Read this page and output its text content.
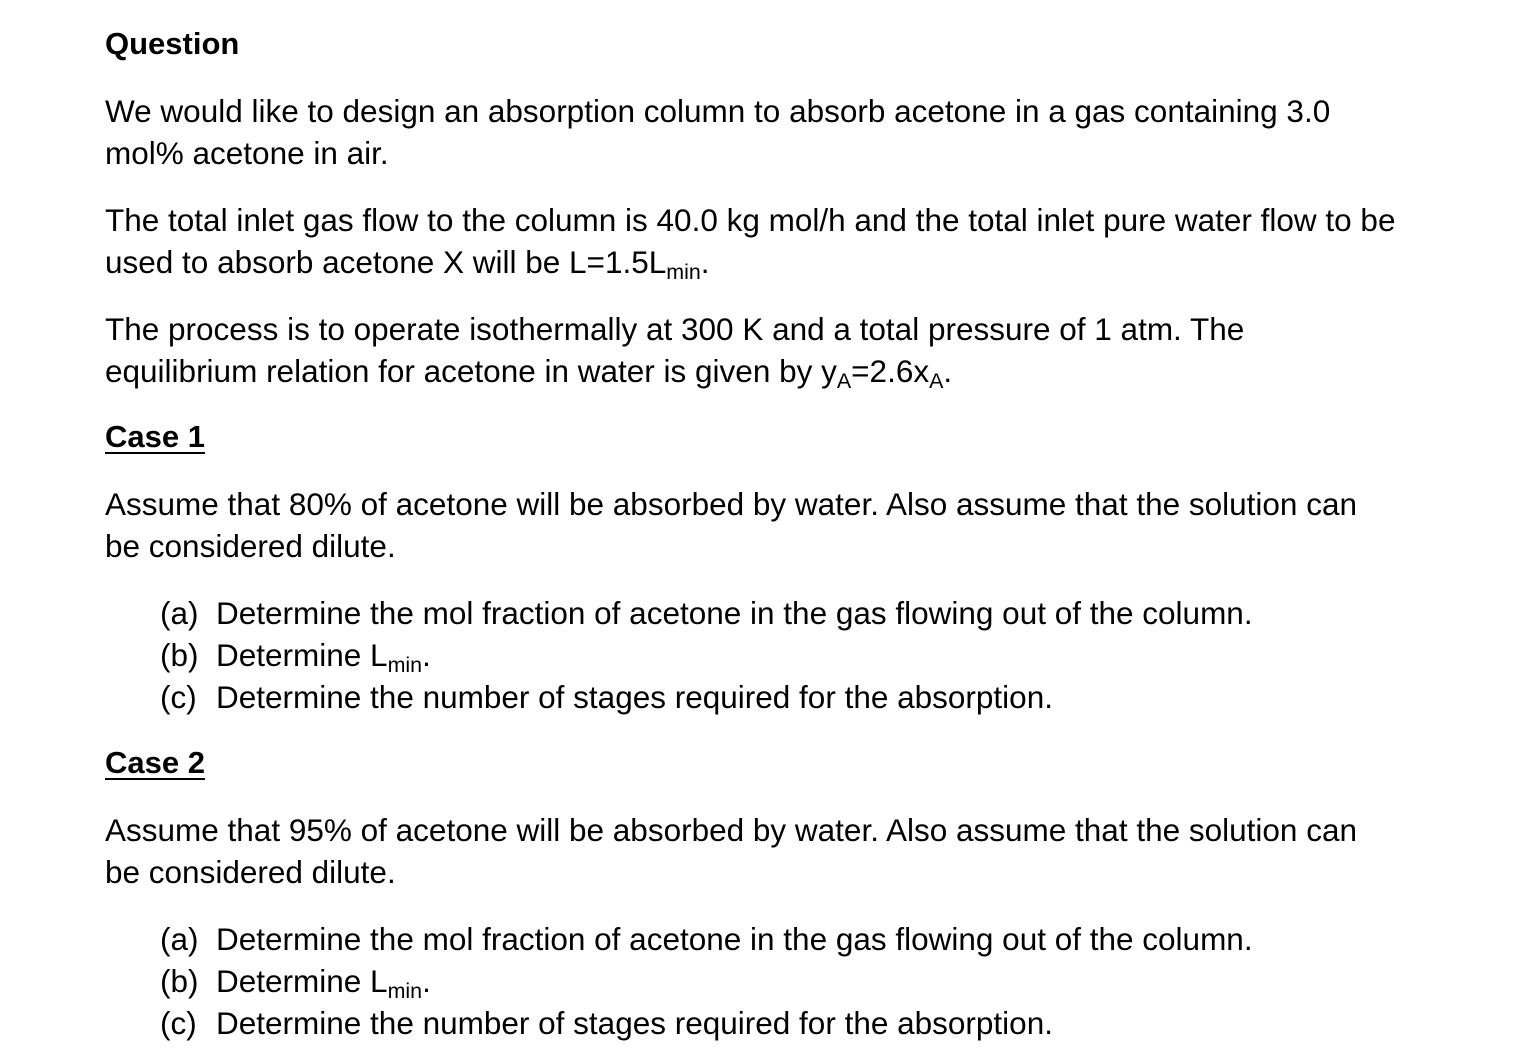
Question
We would like to design an absorption column to absorb acetone in a gas containing 3.0
mol% acetone in air.
The total inlet gas flow to the column is 40.0 kg mol/h and the total inlet pure water flow to be
used to absorb acetone X will be $L=1.5L_{min}$.
The process is to operate isothermally at 300 K and a total pressure of 1 atm. The
equilibrium relation for acetone in water is given by $y_A=2.6x_A$.
Case 1
Assume that 80% of acetone will be absorbed by water. Also assume that the solution can
be considered dilute.
(a) Determine the mol fraction of acetone in the gas flowing out of the column.
(b) Determine $L_{min}$.
(c) Determine the number of stages required for the absorption.
Case 2
Assume that 95% of acetone will be absorbed by water. Also assume that the solution can
be considered dilute.
(a) Determine the mol fraction of acetone in the gas flowing out of the column.
(b) Determine $L_{min}$.
(c) Determine the number of stages required for the absorption.
